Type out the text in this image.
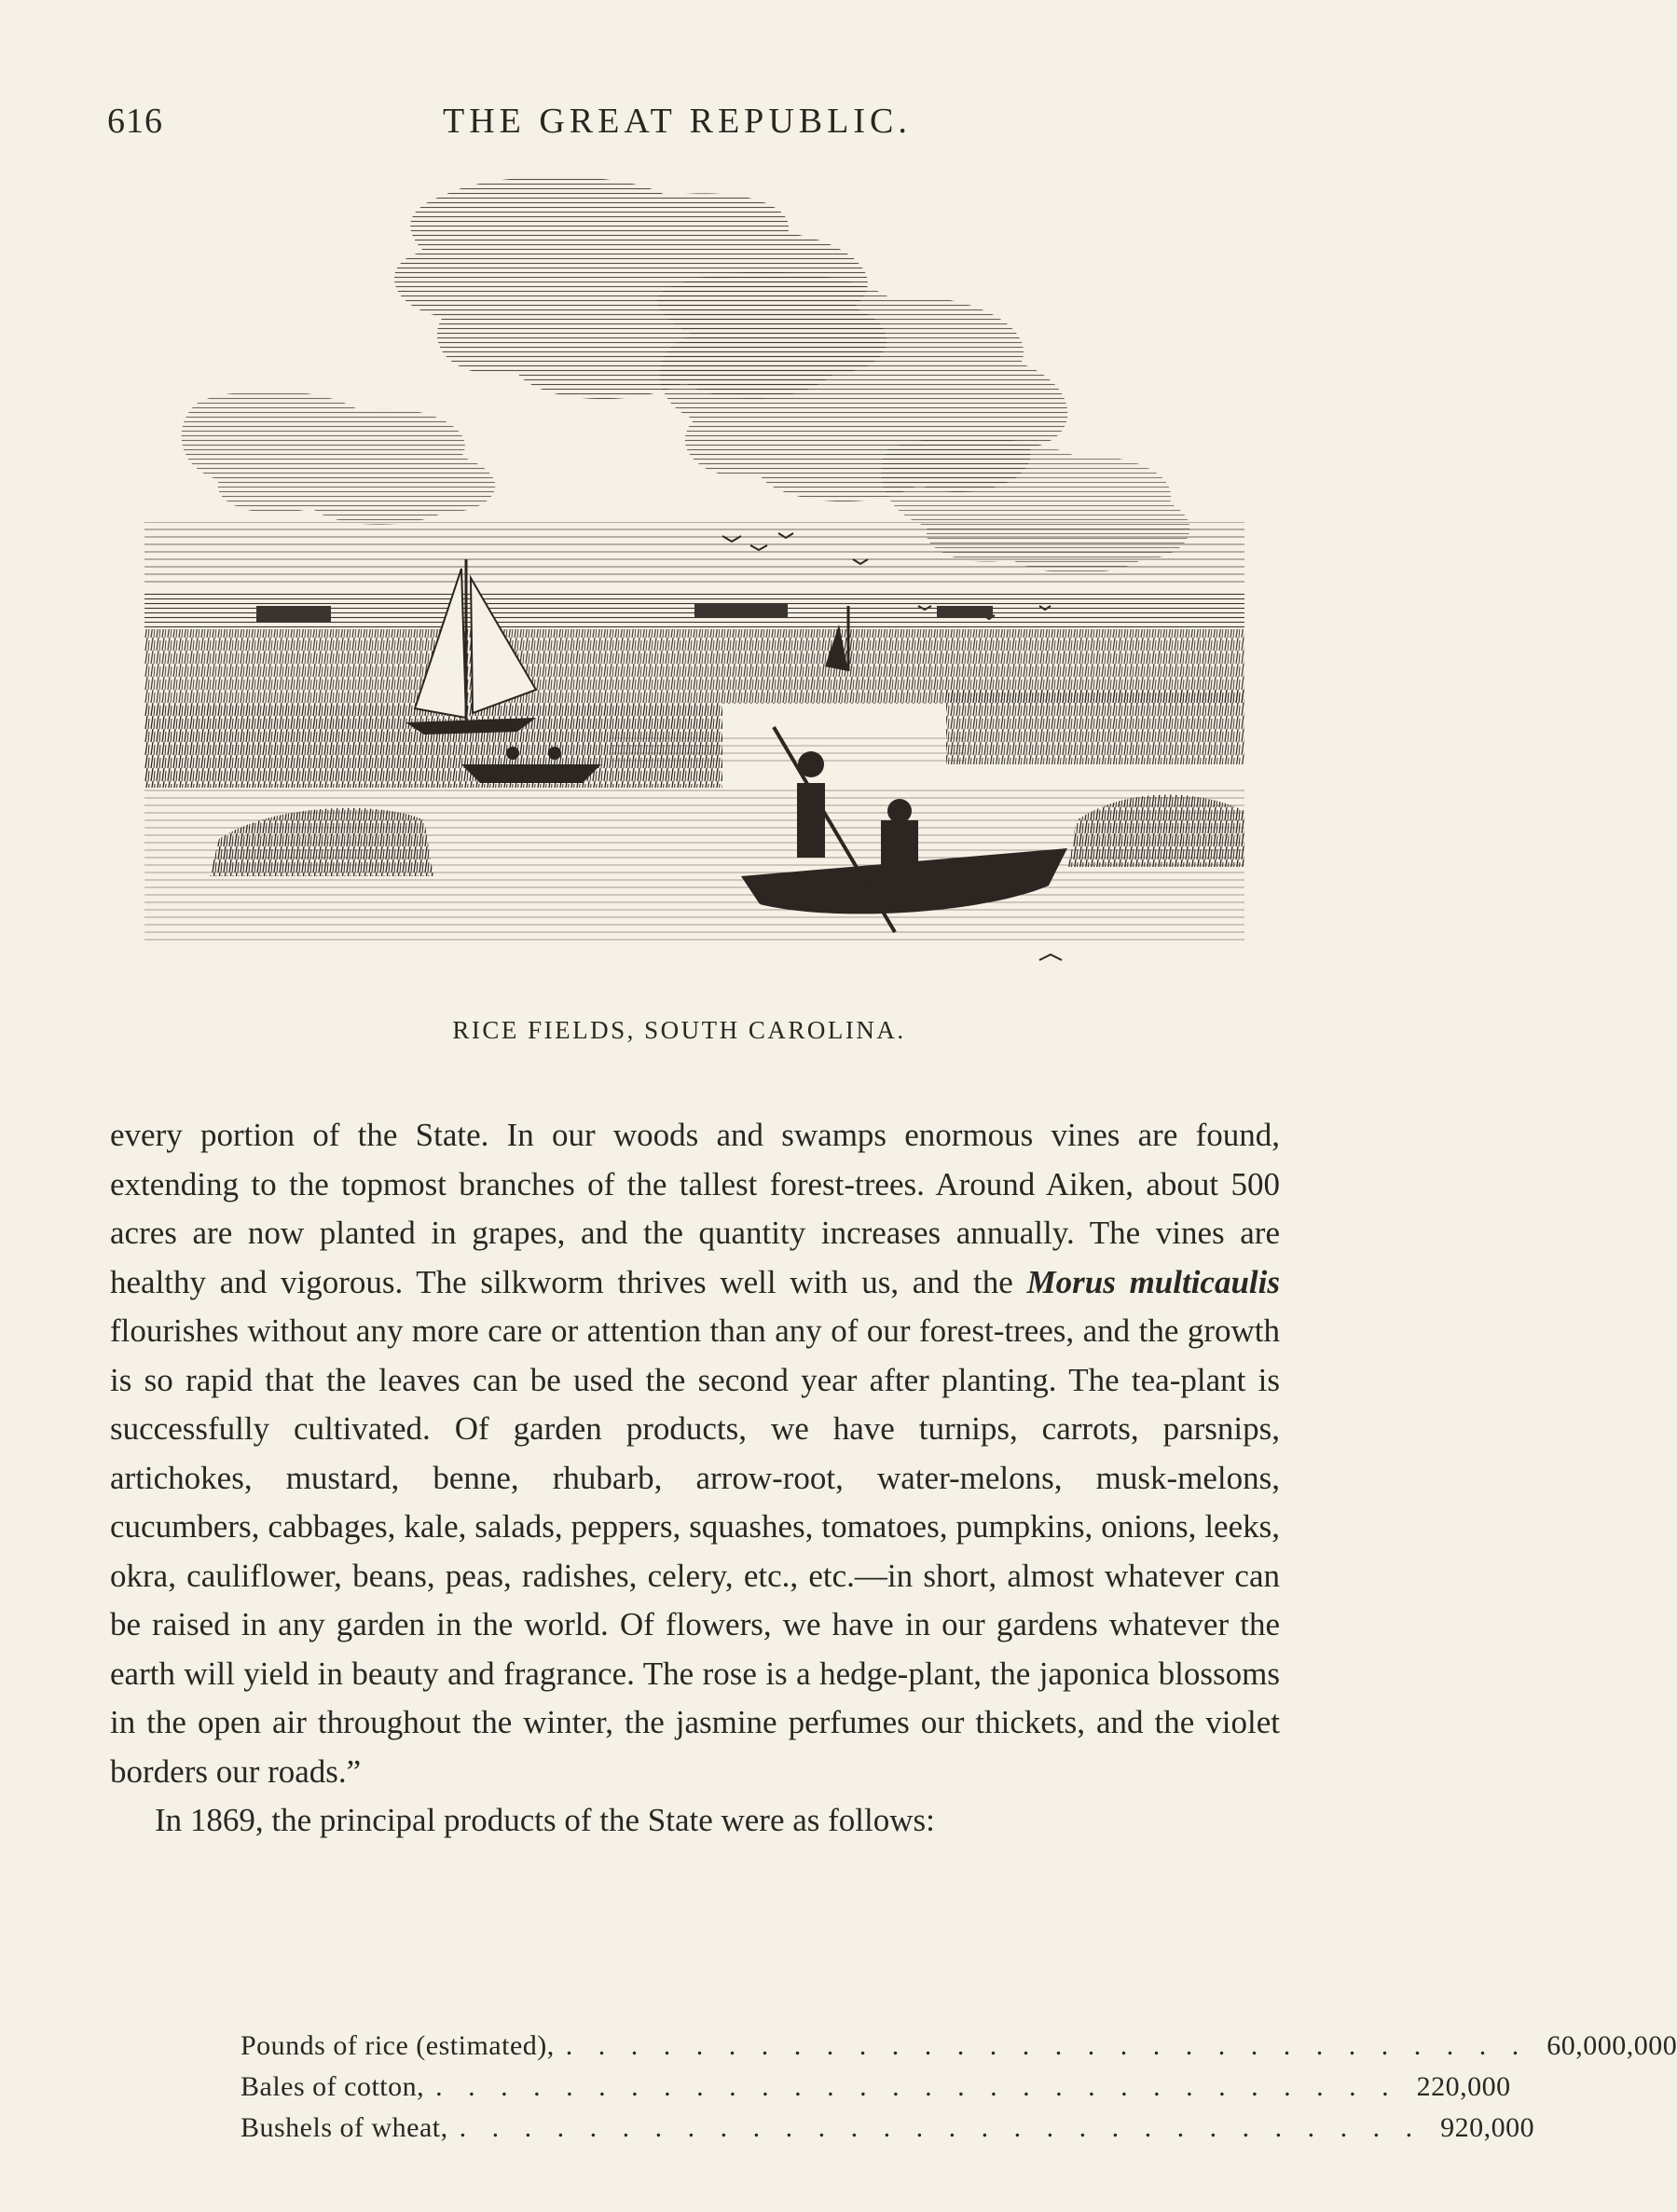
616	THE GREAT REPUBLIC.
RICE FIELDS, SOUTH CAROLINA.

every portion of the State. In our woods and swamps enormous vines are found, extending to the topmost branches of the tallest forest-trees. Around Aiken, about 500 acres are now planted in grapes, and the quantity increases annually. The vines are healthy and vigorous. The silkworm thrives well with us, and the Morus multicaulis flourishes without any more care or attention than any of our forest-trees, and the growth is so rapid that the leaves can be used the second year after planting. The tea-plant is successfully cultivated. Of garden products, we have turnips, carrots, parsnips, artichokes, mustard, benne, rhubarb, arrow-root, water-melons, musk-melons, cucumbers, cabbages, kale, salads, peppers, squashes, tomatoes, pumpkins, onions, leeks, okra, cauliflower, beans, peas, radishes, celery, etc., etc.—in short, almost whatever can be raised in any garden in the world. Of flowers, we have in our gardens whatever the earth will yield in beauty and fragrance. The rose is a hedge-plant, the japonica blossoms in the open air throughout the winter, the jasmine perfumes our thickets, and the violet borders our roads.”

In 1869, the principal products of the State were as follows:

Pounds of rice (estimated), . . . . . . . . . . . . . . . . . . . . . . . . . . . . . . 60,000,000
Bales of cotton, . . . . . . . . . . . . . . . . . . . . . . . . . . . . . . 220,000
Bushels of wheat, . . . . . . . . . . . . . . . . . . . . . . . . . . . . . . 920,000
